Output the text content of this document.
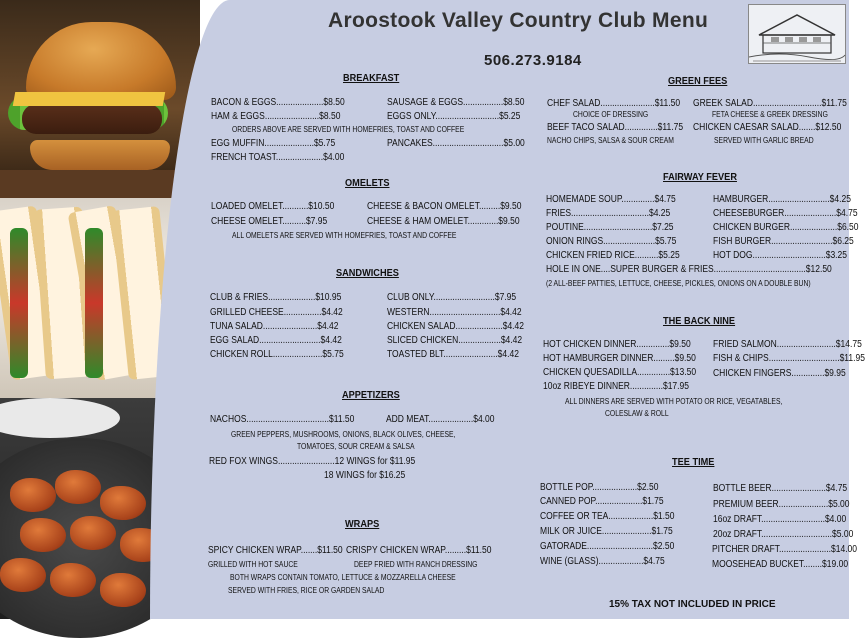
Aroostook Valley Country Club Menu
506.273.9184
BREAKFAST
BACON & EGGS....................$8.50	SAUSAGE & EGGS.................$8.50
HAM & EGGS.......................$8.50	EGGS ONLY...........................$5.25
ORDERS ABOVE ARE SERVED WITH HOMEFRIES, TOAST AND COFFEE
EGG MUFFIN.....................$5.75	PANCAKES..............................$5.00
FRENCH TOAST....................$4.00
OMELETS
LOADED OMELET...........$10.50	CHEESE & BACON OMELET.........$9.50
CHEESE OMELET..........$7.95	CHEESE & HAM OMELET.............$9.50
ALL OMELETS ARE SERVED WITH HOMEFRIES, TOAST AND COFFEE
SANDWICHES
CLUB & FRIES....................$10.95	CLUB ONLY..........................$7.95
GRILLED CHEESE................$4.42	WESTERN..............................$4.42
TUNA SALAD.......................$4.42	CHICKEN SALAD....................$4.42
EGG SALAD..........................$4.42	SLICED CHICKEN..................$4.42
CHICKEN ROLL.....................$5.75	TOASTED BLT.......................$4.42
APPETIZERS
NACHOS...................................$11.50	ADD MEAT...................$4.00
GREEN PEPPERS, MUSHROOMS, ONIONS, BLACK OLIVES, CHEESE,
TOMATOES, SOUR CREAM & SALSA
RED FOX WINGS........................12 WINGS for $11.95
18 WINGS for $16.25
WRAPS
SPICY CHICKEN WRAP.......$11.50 CRISPY CHICKEN WRAP.........$11.50
GRILLED WITH HOT SAUCE	DEEP FRIED WITH RANCH DRESSING
BOTH WRAPS CONTAIN TOMATO, LETTUCE & MOZZARELLA CHEESE
SERVED WITH FRIES, RICE OR GARDEN SALAD
GREEN FEES
CHEF SALAD.......................$11.50 GREEK SALAD.............................$11.75
CHOICE OF DRESSING	FETA CHEESE & GREEK DRESSING
BEEF TACO SALAD..............$11.75 CHICKEN CAESAR SALAD.......$12.50
NACHO CHIPS, SALSA & SOUR CREAM	SERVED WITH GARLIC BREAD
FAIRWAY FEVER
HOMEMADE SOUP..............$4.75	HAMBURGER..........................$4.25
FRIES.................................$4.25	CHEESEBURGER......................$4.75
POUTINE.............................$7.25	CHICKEN BURGER....................$6.50
ONION RINGS......................$5.75	FISH BURGER..........................$6.25
CHICKEN FRIED RICE..........$5.25	HOT DOG...............................$3.25
HOLE IN ONE....SUPER BURGER & FRIES.......................................$12.50
(2 ALL-BEEF PATTIES, LETTUCE, CHEESE, PICKLES, ONIONS ON A DOUBLE BUN)
THE BACK NINE
HOT CHICKEN DINNER..............$9.50 FRIED SALMON.........................$14.75
HOT HAMBURGER DINNER.........$9.50 FISH & CHIPS..............................$11.95
CHICKEN QUESADILLA..............$13.50 CHICKEN FINGERS..............$9.95
10oz RIBEYE DINNER..............$17.95
ALL DINNERS ARE SERVED WITH POTATO OR RICE, VEGATABLES,
COLESLAW & ROLL
TEE TIME
BOTTLE POP...................$2.50	BOTTLE BEER.......................$4.75
CANNED POP....................$1.75	PREMIUM BEER.....................$5.00
COFFEE OR TEA...................$1.50	16oz DRAFT...........................$4.00
MILK OR JUICE.....................$1.75	20oz DRAFT..............................$5.00
GATORADE............................$2.50	PITCHER DRAFT......................$14.00
WINE (GLASS)...................$4.75	MOOSEHEAD BUCKET........$19.00
15% TAX NOT INCLUDED IN PRICE
